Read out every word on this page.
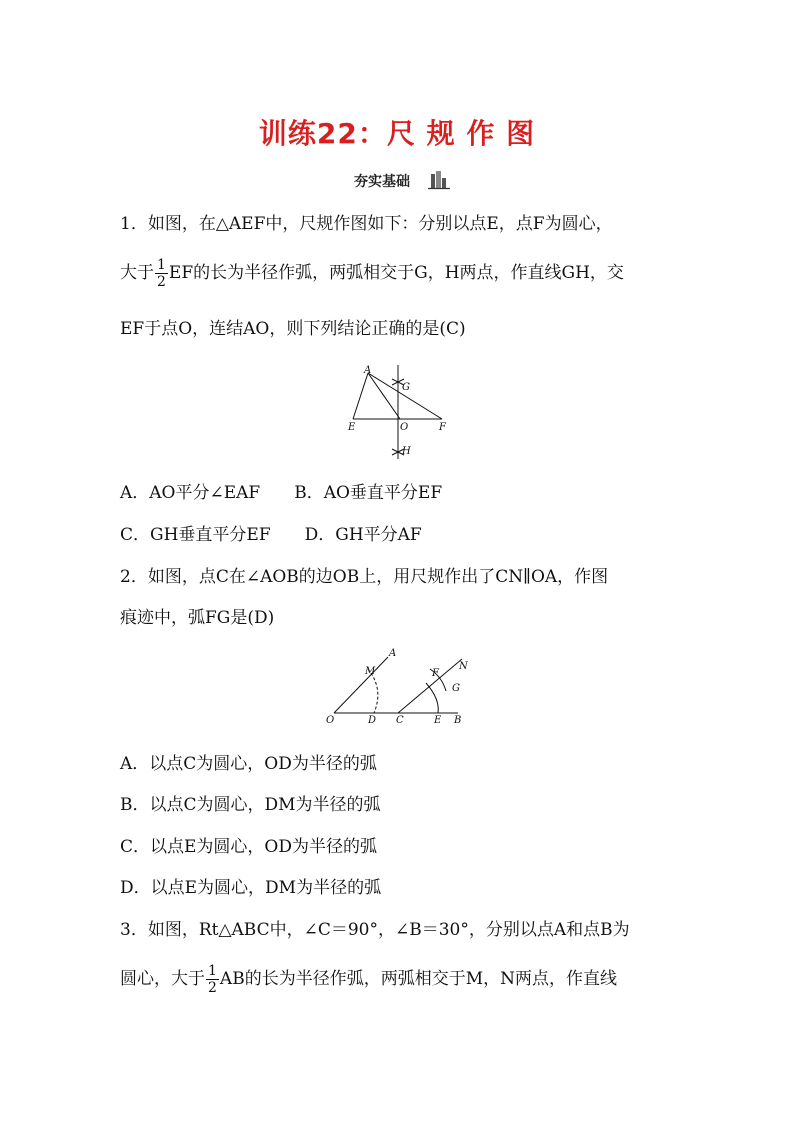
训练22：尺 规 作 图
夯实基础
1．如图，在△AEF中，尺规作图如下：分别以点E，点F为圆心，
大于 $\frac{1}{2}$ EF的长为半径作弧，两弧相交于G，H两点，作直线GH，交
EF于点O，连结AO，则下列结论正确的是(C)
A
E	O	F
G
H
A．AO平分∠EAF　　B．AO垂直平分EF
C．GH垂直平分EF　　D．GH平分AF
2．如图，点C在∠AOB的边OB上，用尺规作出了CN∥OA，作图
痕迹中，弧FG是(D)
O	D C	E B
A
M	F
N
G
A．以点C为圆心，OD为半径的弧
B．以点C为圆心，DM为半径的弧
C．以点E为圆心，OD为半径的弧
D．以点E为圆心，DM为半径的弧
3．如图，Rt△ABC中，∠C＝90°，∠B＝30°，分别以点A和点B为
圆心，大于 $\frac{1}{2}$ AB的长为半径作弧，两弧相交于M，N两点，作直线
